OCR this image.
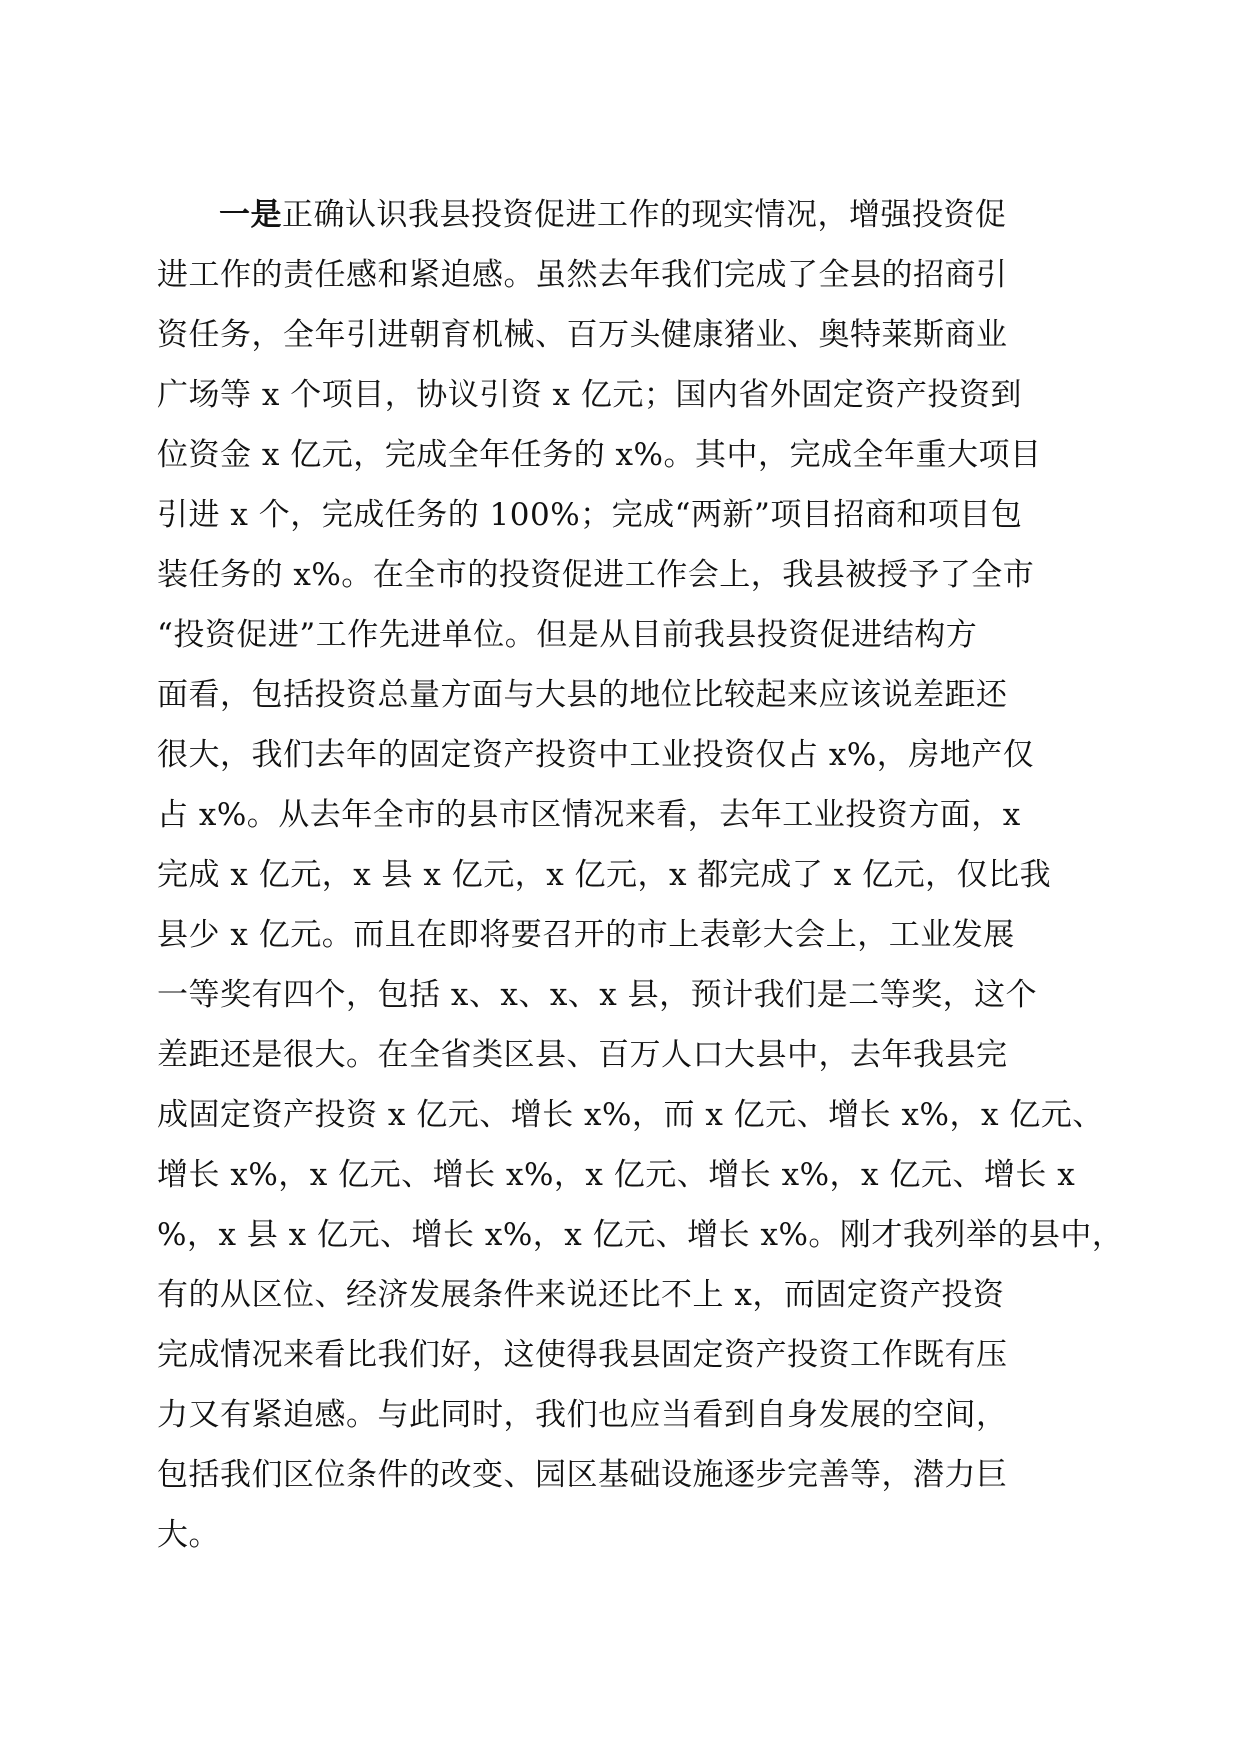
一是正确认识我县投资促进工作的现实情况，增强投资促
进工作的责任感和紧迫感。虽然去年我们完成了全县的招商引
资任务，全年引进朝育机械、百万头健康猪业、奥特莱斯商业
广场等 x 个项目，协议引资 x 亿元；国内省外固定资产投资到
位资金 x 亿元，完成全年任务的 x%。其中，完成全年重大项目
引进 x 个，完成任务的 100%；完成“两新”项目招商和项目包
装任务的 x%。在全市的投资促进工作会上，我县被授予了全市
“投资促进”工作先进单位。但是从目前我县投资促进结构方
面看，包括投资总量方面与大县的地位比较起来应该说差距还
很大，我们去年的固定资产投资中工业投资仅占 x%，房地产仅
占 x%。从去年全市的县市区情况来看，去年工业投资方面，x
完成 x 亿元，x 县 x 亿元，x 亿元，x 都完成了 x 亿元，仅比我
县少 x 亿元。而且在即将要召开的市上表彰大会上，工业发展
一等奖有四个，包括 x、x、x、x 县，预计我们是二等奖，这个
差距还是很大。在全省类区县、百万人口大县中，去年我县完
成固定资产投资 x 亿元、增长 x%，而 x 亿元、增长 x%，x 亿元、
增长 x%，x 亿元、增长 x%，x 亿元、增长 x%，x 亿元、增长 x
%，x 县 x 亿元、增长 x%，x 亿元、增长 x%。刚才我列举的县中，
有的从区位、经济发展条件来说还比不上 x，而固定资产投资
完成情况来看比我们好，这使得我县固定资产投资工作既有压
力又有紧迫感。与此同时，我们也应当看到自身发展的空间，
包括我们区位条件的改变、园区基础设施逐步完善等，潜力巨
大。
